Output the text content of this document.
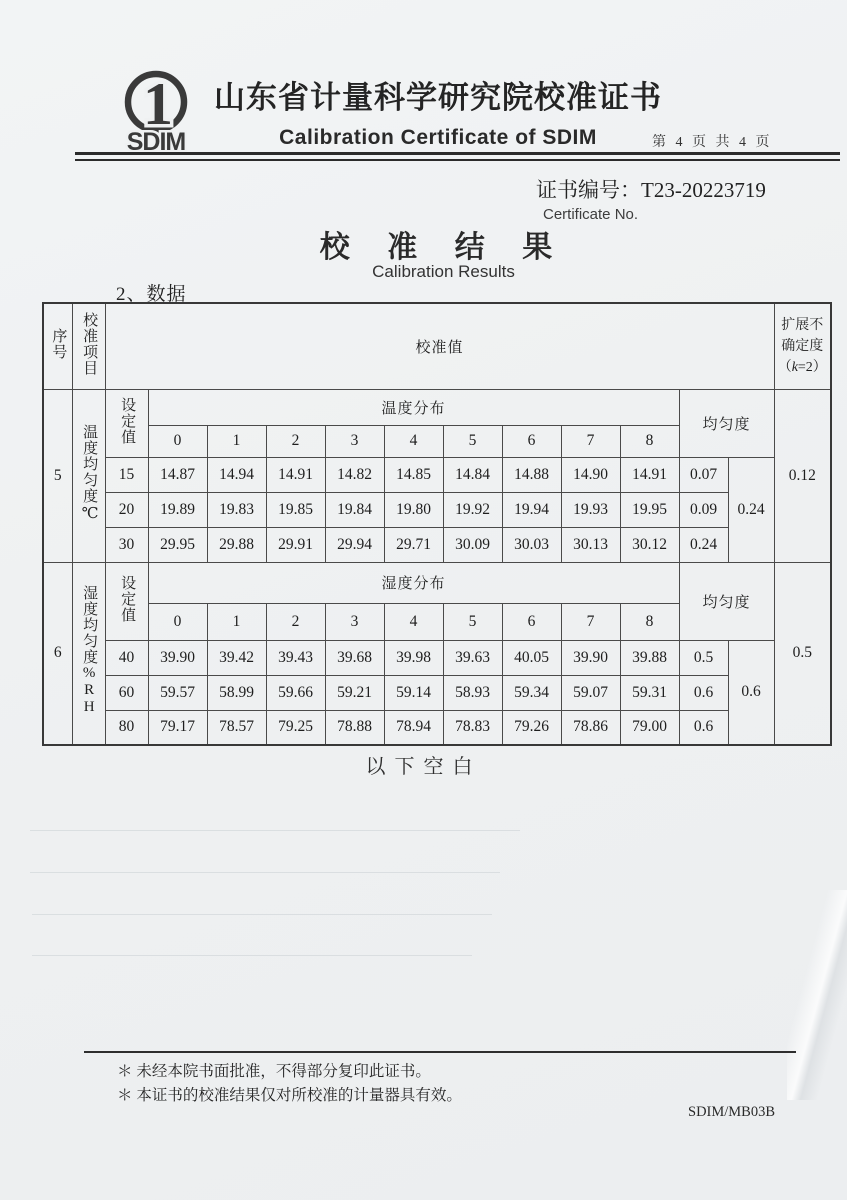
1
SDIM
山东省计量科学研究院校准证书
Calibration Certificate of SDIM	第 4 页 共 4 页
证书编号：T23-20223719
Certificate No.
校 准 结 果
Calibration Results
2、数据
序号	校准项目	校准值												扩展不确定度
（k=2）
5	温度均匀度℃	设定值	温度分布									均匀度		0.12
			0	1	2	3	4	5	6	7	8			
		15	14.87	14.94	14.91	14.82	14.85	14.84	14.88	14.90	14.91	0.07	0.24	
		20	19.89	19.83	19.85	19.84	19.80	19.92	19.94	19.93	19.95	0.09		
		30	29.95	29.88	29.91	29.94	29.71	30.09	30.03	30.13	30.12	0.24		
6	湿度均匀度%RH	设定值	湿度分布									均匀度		0.5
			0	1	2	3	4	5	6	7	8			
		40	39.90	39.42	39.43	39.68	39.98	39.63	40.05	39.90	39.88	0.5	0.6	
		60	59.57	58.99	59.66	59.21	59.14	58.93	59.34	59.07	59.31	0.6		
		80	79.17	78.57	79.25	78.88	78.94	78.83	79.26	78.86	79.00	0.6		
以下空白
＊ 未经本院书面批准，不得部分复印此证书。
＊ 本证书的校准结果仅对所校准的计量器具有效。
SDIM/MB03B
